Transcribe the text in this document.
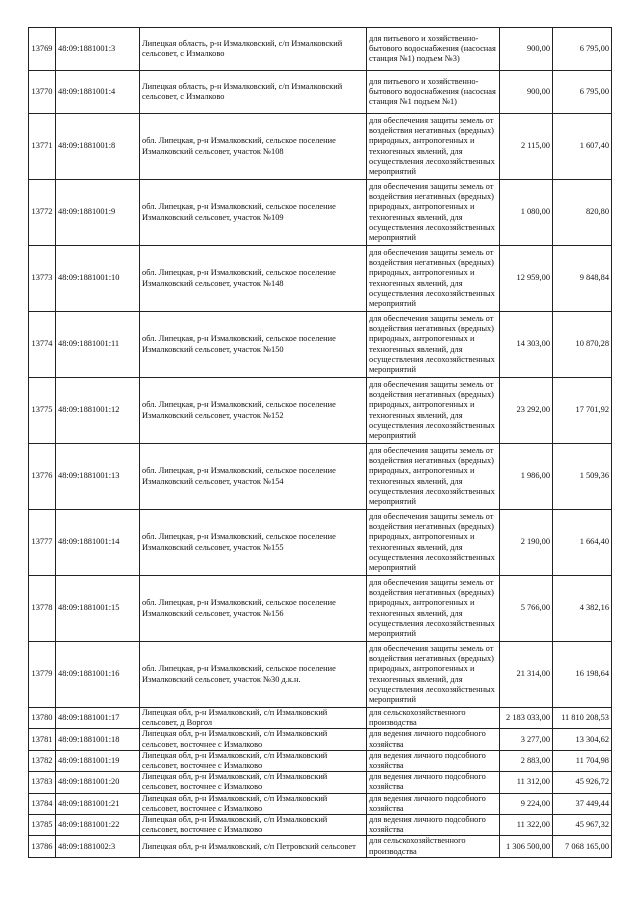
13769	48:09:1881001:3	Липецкая область, р-н Измалковский, с/п Измалковский сельсовет, с Измалково	для питьевого и хозяйственно-бытового водоснабжения (насосная станция №1) подъем №3)	900,00	6 795,00
13770	48:09:1881001:4	Липецкая область, р-н Измалковский, с/п Измалковский сельсовет, с Измалково	для питьевого и хозяйственно-бытового водоснабжения (насосная станция №1 подъем №1)	900,00	6 795,00
13771	48:09:1881001:8	обл. Липецкая, р-н Измалковский, сельское поселение Измалковский сельсовет, участок №108	для обеспечения защиты земель от воздействия негативных (вредных) природных, антропогенных и техногенных явлений, для осуществления лесохозяйственных мероприятий	2 115,00	1 607,40
13772	48:09:1881001:9	обл. Липецкая, р-н Измалковский, сельское поселение Измалковский сельсовет, участок №109	для обеспечения защиты земель от воздействия негативных (вредных) природных, антропогенных и техногенных явлений, для осуществления лесохозяйственных мероприятий	1 080,00	820,80
13773	48:09:1881001:10	обл. Липецкая, р-н Измалковский, сельское поселение Измалковский сельсовет, участок №148	для обеспечения защиты земель от воздействия негативных (вредных) природных, антропогенных и техногенных явлений, для осуществления лесохозяйственных мероприятий	12 959,00	9 848,84
13774	48:09:1881001:11	обл. Липецкая, р-н Измалковский, сельское поселение Измалковский сельсовет, участок №150	для обеспечения защиты земель от воздействия негативных (вредных) природных, антропогенных и техногенных явлений, для осуществления лесохозяйственных мероприятий	14 303,00	10 870,28
13775	48:09:1881001:12	обл. Липецкая, р-н Измалковский, сельское поселение Измалковский сельсовет, участок №152	для обеспечения защиты земель от воздействия негативных (вредных) природных, антропогенных и техногенных явлений, для осуществления лесохозяйственных мероприятий	23 292,00	17 701,92
13776	48:09:1881001:13	обл. Липецкая, р-н Измалковский, сельское поселение Измалковский сельсовет, участок №154	для обеспечения защиты земель от воздействия негативных (вредных) природных, антропогенных и техногенных явлений, для осуществления лесохозяйственных мероприятий	1 986,00	1 509,36
13777	48:09:1881001:14	обл. Липецкая, р-н Измалковский, сельское поселение Измалковский сельсовет, участок №155	для обеспечения защиты земель от воздействия негативных (вредных) природных, антропогенных и техногенных явлений, для осуществления лесохозяйственных мероприятий	2 190,00	1 664,40
13778	48:09:1881001:15	обл. Липецкая, р-н Измалковский, сельское поселение Измалковский сельсовет, участок №156	для обеспечения защиты земель от воздействия негативных (вредных) природных, антропогенных и техногенных явлений, для осуществления лесохозяйственных мероприятий	5 766,00	4 382,16
13779	48:09:1881001:16	обл. Липецкая, р-н Измалковский, сельское поселение Измалковский сельсовет, участок №30 д.к.н.	для обеспечения защиты земель от воздействия негативных (вредных) природных, антропогенных и техногенных явлений, для осуществления лесохозяйственных мероприятий	21 314,00	16 198,64
13780	48:09:1881001:17	Липецкая обл, р-н Измалковский, с/п Измалковский сельсовет, д Воргол	для сельскохозяйственного производства	2 183 033,00	11 810 208,53
13781	48:09:1881001:18	Липецкая обл, р-н Измалковский, с/п Измалковский сельсовет, восточнее с Измалково	для ведения личного подсобного хозяйства	3 277,00	13 304,62
13782	48:09:1881001:19	Липецкая обл, р-н Измалковский, с/п Измалковский сельсовет, восточнее с Измалково	для ведения личного подсобного хозяйства	2 883,00	11 704,98
13783	48:09:1881001:20	Липецкая обл, р-н Измалковский, с/п Измалковский сельсовет, восточнее с Измалково	для ведения личного подсобного хозяйства	11 312,00	45 926,72
13784	48:09:1881001:21	Липецкая обл, р-н Измалковский, с/п Измалковский сельсовет, восточнее с Измалково	для ведения личного подсобного хозяйства	9 224,00	37 449,44
13785	48:09:1881001:22	Липецкая обл, р-н Измалковский, с/п Измалковский сельсовет, восточнее с Измалково	для ведения личного подсобного хозяйства	11 322,00	45 967,32
13786	48:09:1881002:3	Липецкая обл, р-н Измалковский, с/п Петровский сельсовет	для сельскохозяйственного производства	1 306 500,00	7 068 165,00
